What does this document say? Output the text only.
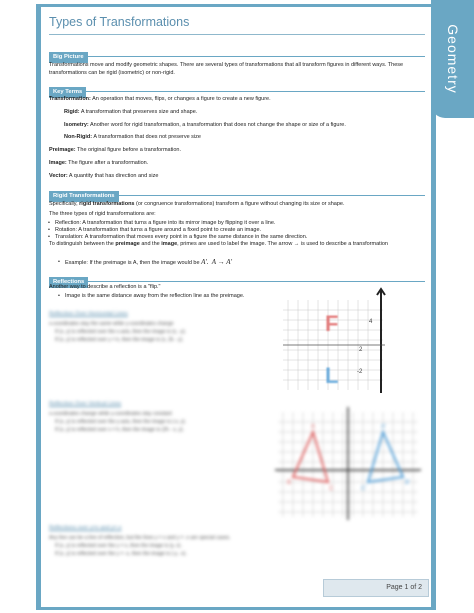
Geometry
Types of Transformations
Big Picture
Transformations move and modify geometric shapes. There are several types of transformations that all transform figures in different ways. These transformations can be rigid (isometric) or non-rigid.
Key Terms
Transformation: An operation that moves, flips, or changes a figure to create a new figure.
Rigid: A transformation that preserves size and shape.
Isometry: Another word for rigid transformation, a transformation that does not change the shape or size of a figure.
Non-Rigid: A transformation that does not preserve size
Preimage: The original figure before a transformation.
Image: The figure after a transformation.
Vector: A quantity that has direction and size
Rigid Transformations
Specifically, rigid transformations (or congruence transformations) transform a figure without changing its size or shape.
The three types of rigid transformations are:
• Reflection: A transformation that turns a figure into its mirror image by flipping it over a line.
• Rotation: A transformation that turns a figure around a fixed point to create an image.
• Translation: A transformation that moves every point in a figure the same distance in the same direction.
To distinguish between the preimage and the image, primes are used to label the image. The arrow → is used to describe a transformation
• Example: If the preimage is A, then the image would be A′. A → A′
Reflections
Another way to describe a reflection is a "flip."
• Image is the same distance away from the reflection line as the preimage.
Reflection Over Horizontal Lines
x-coordinates stay the same while y-coordinates change
If (x, y) is reflected over the x-axis, then the image is (x, -y).
If (x, y) is reflected over y = k, then the image is (x, 2k - y).
Reflection Over Vertical Lines
x-coordinates change while y-coordinates stay constant
If (x, y) is reflected over the y-axis, then the image is (-x, y).
If (x, y) is reflected over x = h, then the image is (2h - x, y).
Reflections over y=x and y=-x
Any line can be a line of reflection, but the lines y = x and y = -x are special cases.
If (x, y) is reflected over the y = x, then the image is (y, x).
If (x, y) is reflected over the y = -x, then the image is (-y, -x).
A
B
C
A'
B'
C'
4
2
-2
F
L
Page 1 of 2
